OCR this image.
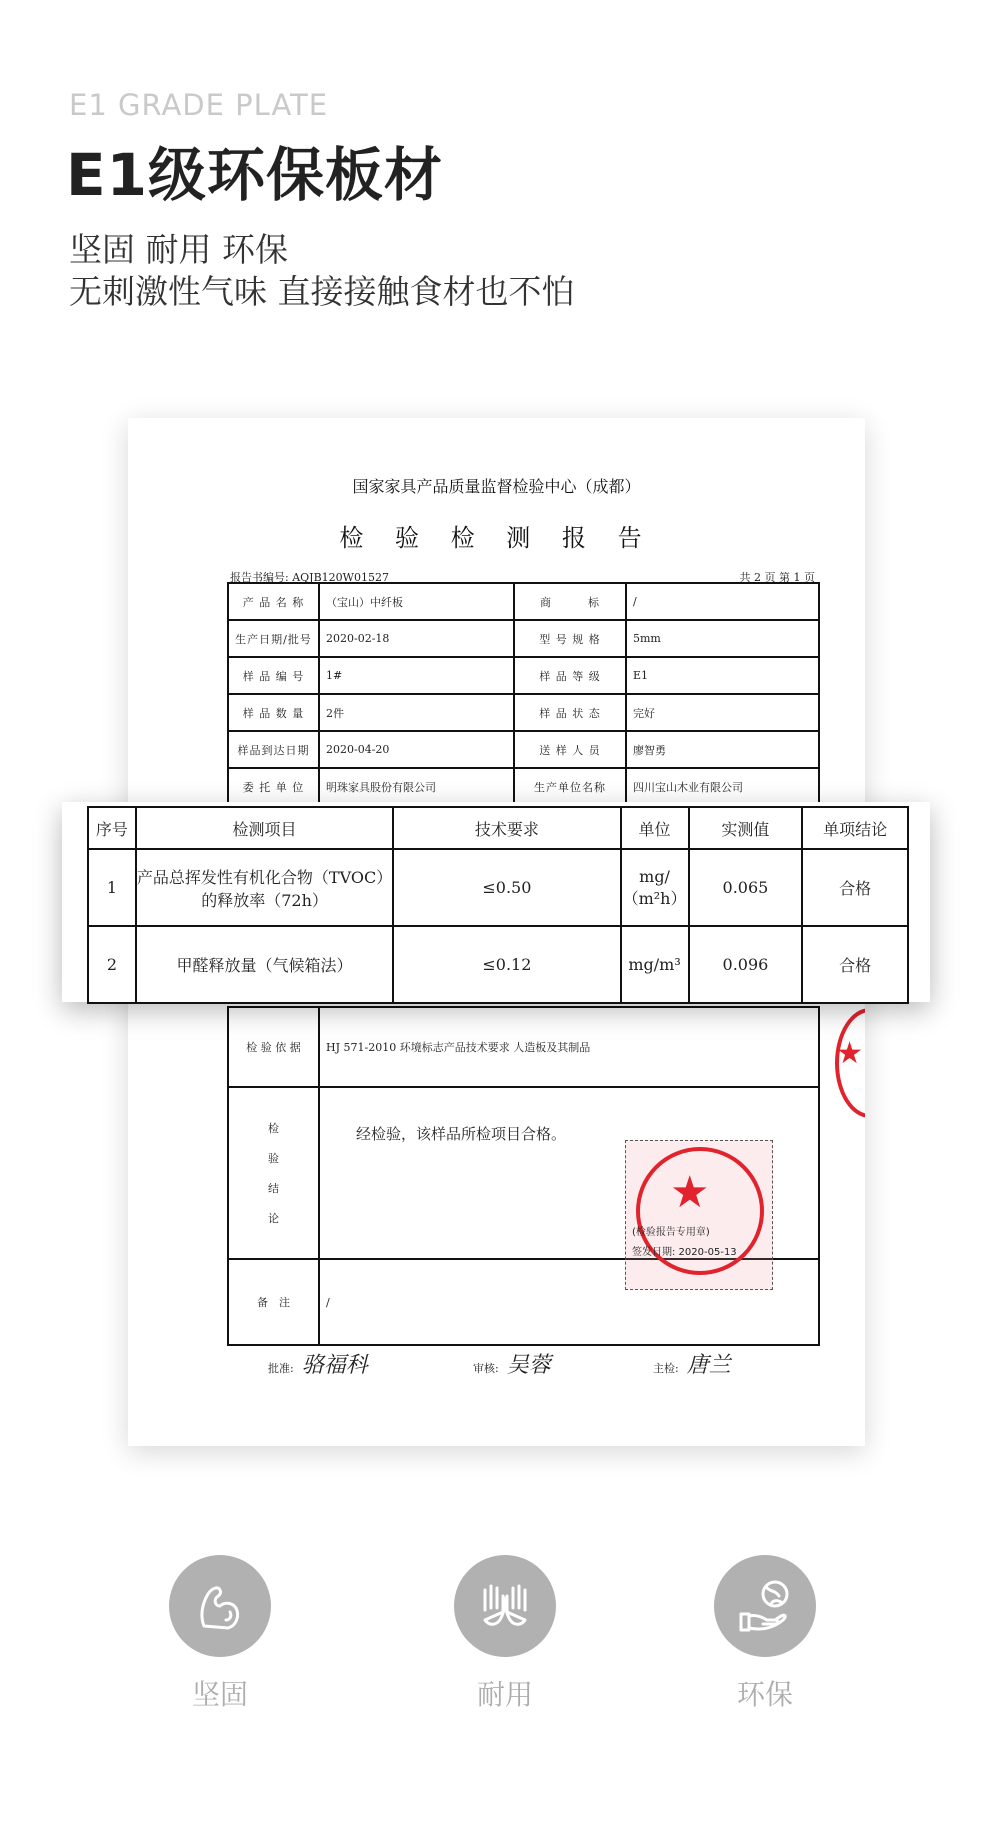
E1 GRADE PLATE
E1级环保板材
坚固 耐用 环保
无刺激性气味 直接接触食材也不怕
国家家具产品质量监督检验中心（成都）
检 验 检 测 报 告
报告书编号: AQJB120W01527	共 2 页 第 1 页
产 品 名 称	（宝山）中纤板	商　　　标	/
生产日期/批号	2020-02-18	型 号 规 格	5mm
样 品 编 号	1#	样 品 等 级	E1
样 品 数 量	2件	样 品 状 态	完好
样品到达日期	2020-04-20	送 样 人 员	廖智勇
委 托 单 位	明珠家具股份有限公司	生产单位名称	四川宝山木业有限公司
检 验 依 据	HJ 571-2010 环境标志产品技术要求 人造板及其制品

检
验
结
论	经检验，该样品所检项目合格。

备　注	/
★
(检验报告专用章)
签发日期: 2020-05-13
★
批准: 骆福科	审核: 吴蓉	主检: 唐兰
序号	检测项目	技术要求	单位	实测值	单项结论
1	产品总挥发性有机化合物（TVOC）的释放率（72h）	≤0.50	mg/（m²h）	0.065	合格
2	甲醛释放量（气候箱法）	≤0.12	mg/m³	0.096	合格
坚固	耐用	环保
